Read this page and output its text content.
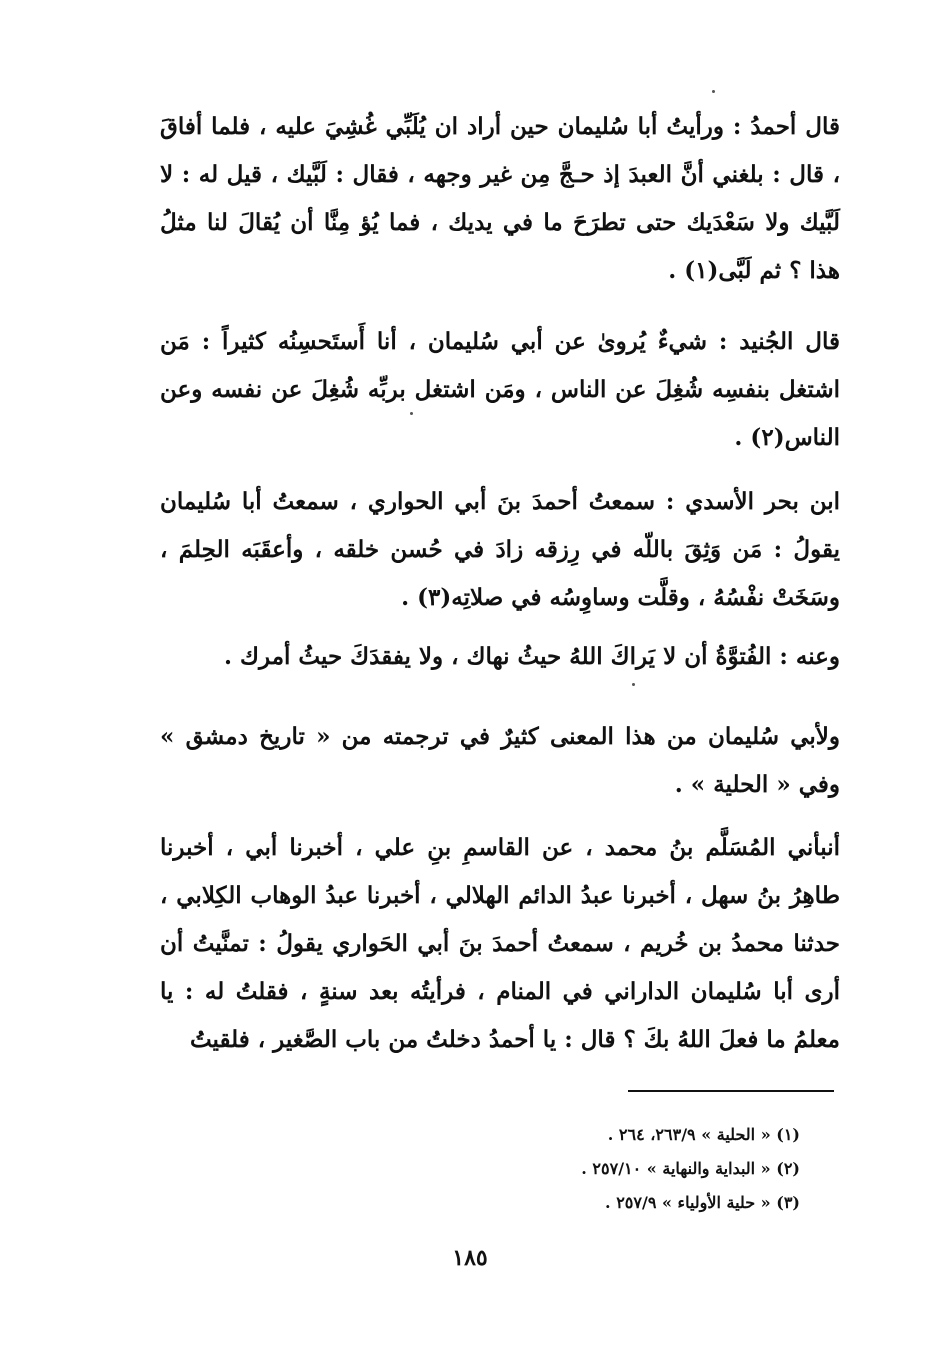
قال أحمدُ : ورأيتُ أبا سُليمان حين أراد ان يُلَبِّي غُشِيَ عليه ، فلما أفاقَ ، قال : بلغني أنَّ العبدَ إذ حـجَّ مِن غير وجهه ، فقال : لَبَّيك ، قيل له : لا لَبَّيك ولا سَعْدَيك حتى تطرَحَ ما في يديك ، فما يُؤ مِنَّا أن يُقالَ لنا مثلُ هذا ؟ ثم لَبَّى(١) .

قال الجُنيد : شيءٌ يُروىٰ عن أبي سُليمان ، أنا أَستَحسِنُه كثيراً : مَن اشتغل بنفسِه شُغِلَ عن الناس ، ومَن اشتغل بربِّه شُغِلَ عن نفسه وعن الناس(٢) .

ابن بحر الأسدي : سمعتُ أحمدَ بنَ أبي الحواري ، سمعتُ أبا سُليمان يقولُ : مَن وَثِقَ باللّه في رِزقه زادَ في حُسن خلقه ، وأعقَبَه الحِلمَ ، وسَخَتْ نفْسُهُ ، وقلَّت وساوِسُه في صلاتِه(٣) .

وعنه : الفُتوَّةُ أن لا يَراكَ اللهُ حيثُ نهاك ، ولا يفقدَكَ حيثُ أمرك .

ولأبي سُليمان من هذا المعنى كثيرٌ في ترجمته من « تاريخ دمشق » وفي « الحلية » .

أنبأني المُسَلَّم بنُ محمد ، عن القاسمِ بنِ علي ، أخبرنا أبي ، أخبرنا طاهِرُ بنُ سهل ، أخبرنا عبدُ الدائم الهلالي ، أخبرنا عبدُ الوهاب الكِلابي ، حدثنا محمدُ بن خُريم ، سمعتُ أحمدَ بنَ أبي الحَواري يقولُ : تمنَّيتُ أن أرى أبا سُليمان الداراني في المنام ، فرأيتُه بعد سنةٍ ، فقلتُ له : يا معلمُ ما فعلَ اللهُ بكَ ؟ قال : يا أحمدُ دخلتُ من باب الصَّغير ، فلقيتُ

(١) « الحلية » ٢٦٣/٩، ٢٦٤ .
(٢) « البداية والنهاية » ٢٥٧/١٠ .
(٣) « حلية الأولياء » ٢٥٧/٩ .
١٨٥
